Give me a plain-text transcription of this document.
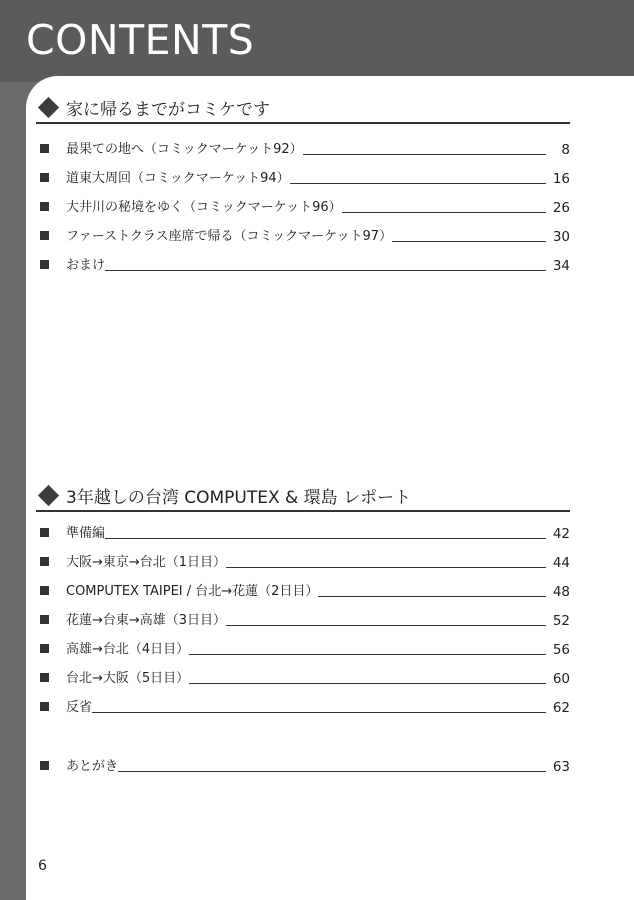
CONTENTS
家に帰るまでがコミケです
最果ての地へ（コミックマーケット92）	8
道東大周回（コミックマーケット94）	16
大井川の秘境をゆく（コミックマーケット96）	26
ファーストクラス座席で帰る（コミックマーケット97）	30
おまけ	34
3年越しの台湾 COMPUTEX & 環島 レポート
準備編	42
大阪→東京→台北（1日目）	44
COMPUTEX TAIPEI / 台北→花蓮（2日目）	48
花蓮→台東→高雄（3日目）	52
高雄→台北（4日目）	56
台北→大阪（5日目）	60
反省	62
あとがき	63
6
